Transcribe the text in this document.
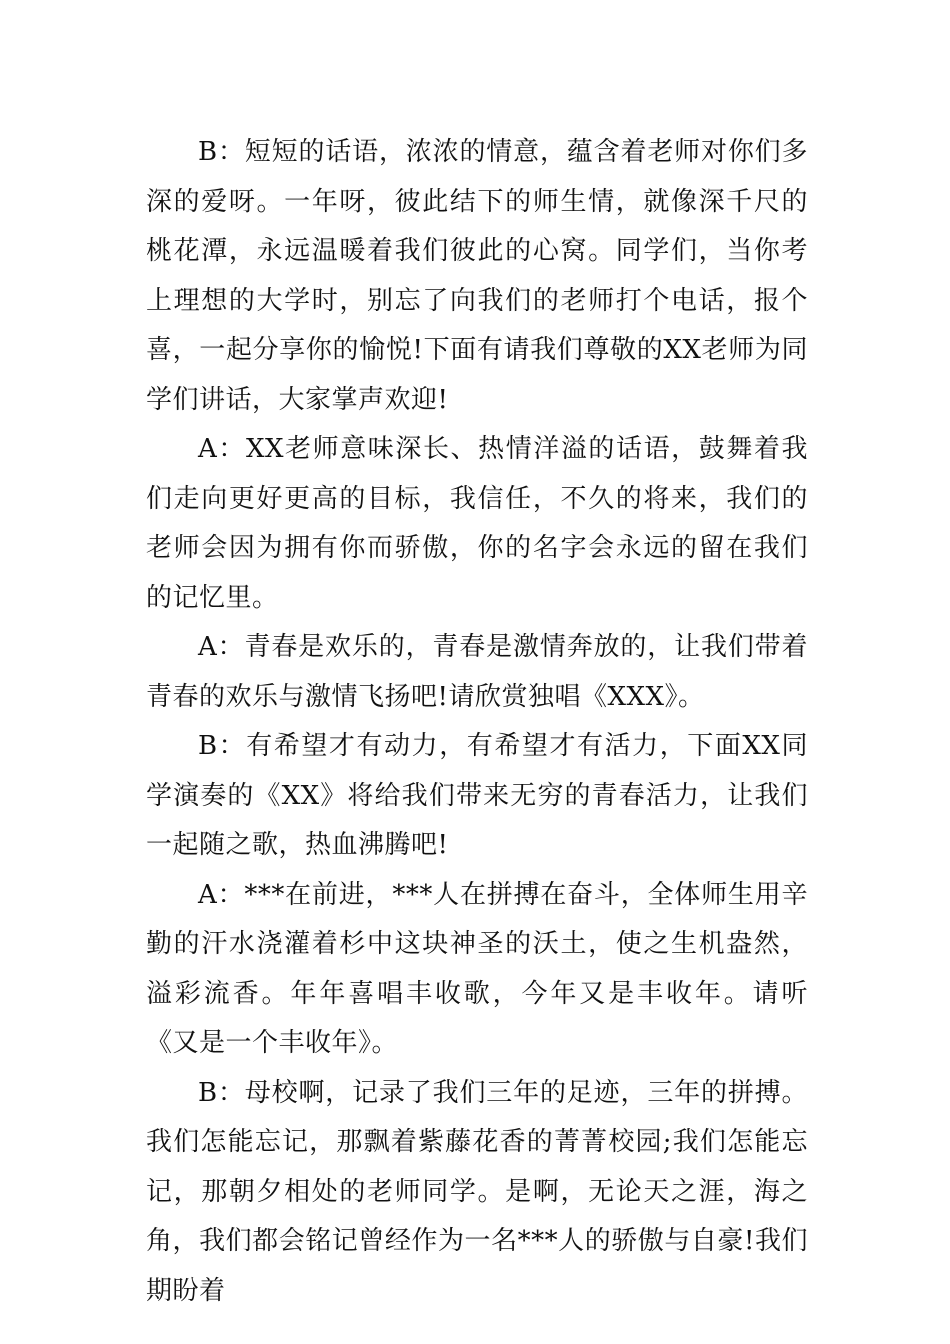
B：短短的话语，浓浓的情意，蕴含着老师对你们多深的爱呀。一年呀，彼此结下的师生情，就像深千尺的桃花潭，永远温暖着我们彼此的心窝。同学们，当你考上理想的大学时，别忘了向我们的老师打个电话，报个喜，一起分享你的愉悦!下面有请我们尊敬的XX老师为同学们讲话，大家掌声欢迎!

A：XX老师意味深长、热情洋溢的话语，鼓舞着我们走向更好更高的目标，我信任，不久的将来，我们的老师会因为拥有你而骄傲，你的名字会永远的留在我们的记忆里。

A：青春是欢乐的，青春是激情奔放的，让我们带着青春的欢乐与激情飞扬吧!请欣赏独唱《XXX》。

B：有希望才有动力，有希望才有活力，下面XX同学演奏的《XX》将给我们带来无穷的青春活力，让我们一起随之歌，热血沸腾吧!

A：***在前进，***人在拼搏在奋斗，全体师生用辛勤的汗水浇灌着杉中这块神圣的沃土，使之生机盎然，溢彩流香。年年喜唱丰收歌，今年又是丰收年。请听《又是一个丰收年》。

B：母校啊，记录了我们三年的足迹，三年的拼搏。我们怎能忘记，那飘着紫藤花香的菁菁校园;我们怎能忘记，那朝夕相处的老师同学。是啊，无论天之涯，海之角，我们都会铭记曾经作为一名***人的骄傲与自豪!我们期盼着
